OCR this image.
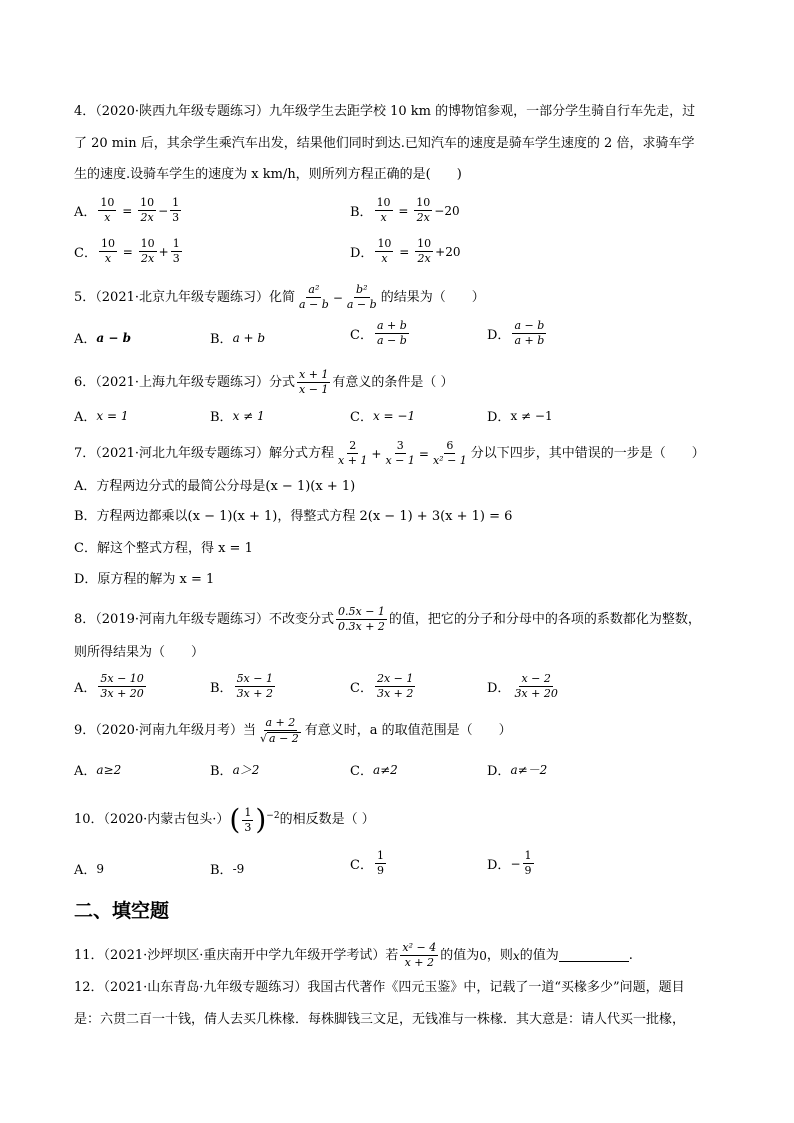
4．（2020·陕西九年级专题练习）九年级学生去距学校 10 km 的博物馆参观，一部分学生骑自行车先走，过
了 20 min 后，其余学生乘汽车出发，结果他们同时到达.已知汽车的速度是骑车学生速度的 2 倍，求骑车学
生的速度.设骑车学生的速度为 x km/h，则所列方程正确的是(　　)
A． $\frac{10}{x} = \frac{10}{2x} - \frac{1}{3}$	B． $\frac{10}{x} = \frac{10}{2x} - 20$
C． $\frac{10}{x} = \frac{10}{2x} + \frac{1}{3}$	D． $\frac{10}{x} = \frac{10}{2x} + 20$
5．（2021·北京九年级专题练习）化简 $\frac{\text{a²}}{a - b} - \frac{\text{b²}}{a - b}$ 的结果为（　　）
A． a − b	B． a + b	C． $\frac{a + b}{a - b}$	D． $\frac{a - b}{a + b}$
6．（2021·上海九年级专题练习）分式 $\frac{x + 1}{x - 1}$ 有意义的条件是（ ）
A． x = 1	B． x ≠ 1	C． x = −1	D． x ≠ −1
7．（2021·河北九年级专题练习）解分式方程 $\frac{2}{x + 1} + \frac{3}{x - 1} = \frac{6}{\text{x² − 1}}$ 分以下四步，其中错误的一步是（　　）
A．方程两边分式的最简公分母是(x − 1)(x + 1)
B．方程两边都乘以(x − 1)(x + 1)，得整式方程 2(x − 1) + 3(x + 1) = 6
C．解这个整式方程，得 x = 1
D．原方程的解为 x = 1
8．（2019·河南九年级专题练习）不改变分式 $\frac{0.5x - 1}{0.3x + 2}$ 的值，把它的分子和分母中的各项的系数都化为整数，
则所得结果为（　　）
A． $\frac{5x - 10}{3x + 20}$	B． $\frac{5x - 1}{3x + 2}$	C． $\frac{2x - 1}{3x + 2}$	D． $\frac{x - 2}{3x + 20}$
9．（2020·河南九年级月考）当 $\frac{a + 2}{√ a - 2}$ 有意义时，a 的取值范围是（　　）
A． a≥2	B． a＞2	C． a≠2	D． a≠－2
10．（2020·内蒙古包头·） ( $\frac{1}{3}$ ) −2 的相反数是（ ）
A． 9	B． -9	C． $\frac{1}{9}$	D． − $\frac{1}{9}$
二、填空题
11．（2021·沙坪坝区·重庆南开中学九年级开学考试）若 $\frac{\text{x² − 4}}{x + 2}$ 的值为 0 ，则 x 的值为	.
12．（2021·山东青岛·九年级专题练习）我国古代著作《四元玉鉴》中，记载了一道“买椽多少”问题，题目
是：六贯二百一十钱，倩人去买几株椽．每株脚钱三文足，无钱准与一株椽．其大意是：请人代买一批椽，
